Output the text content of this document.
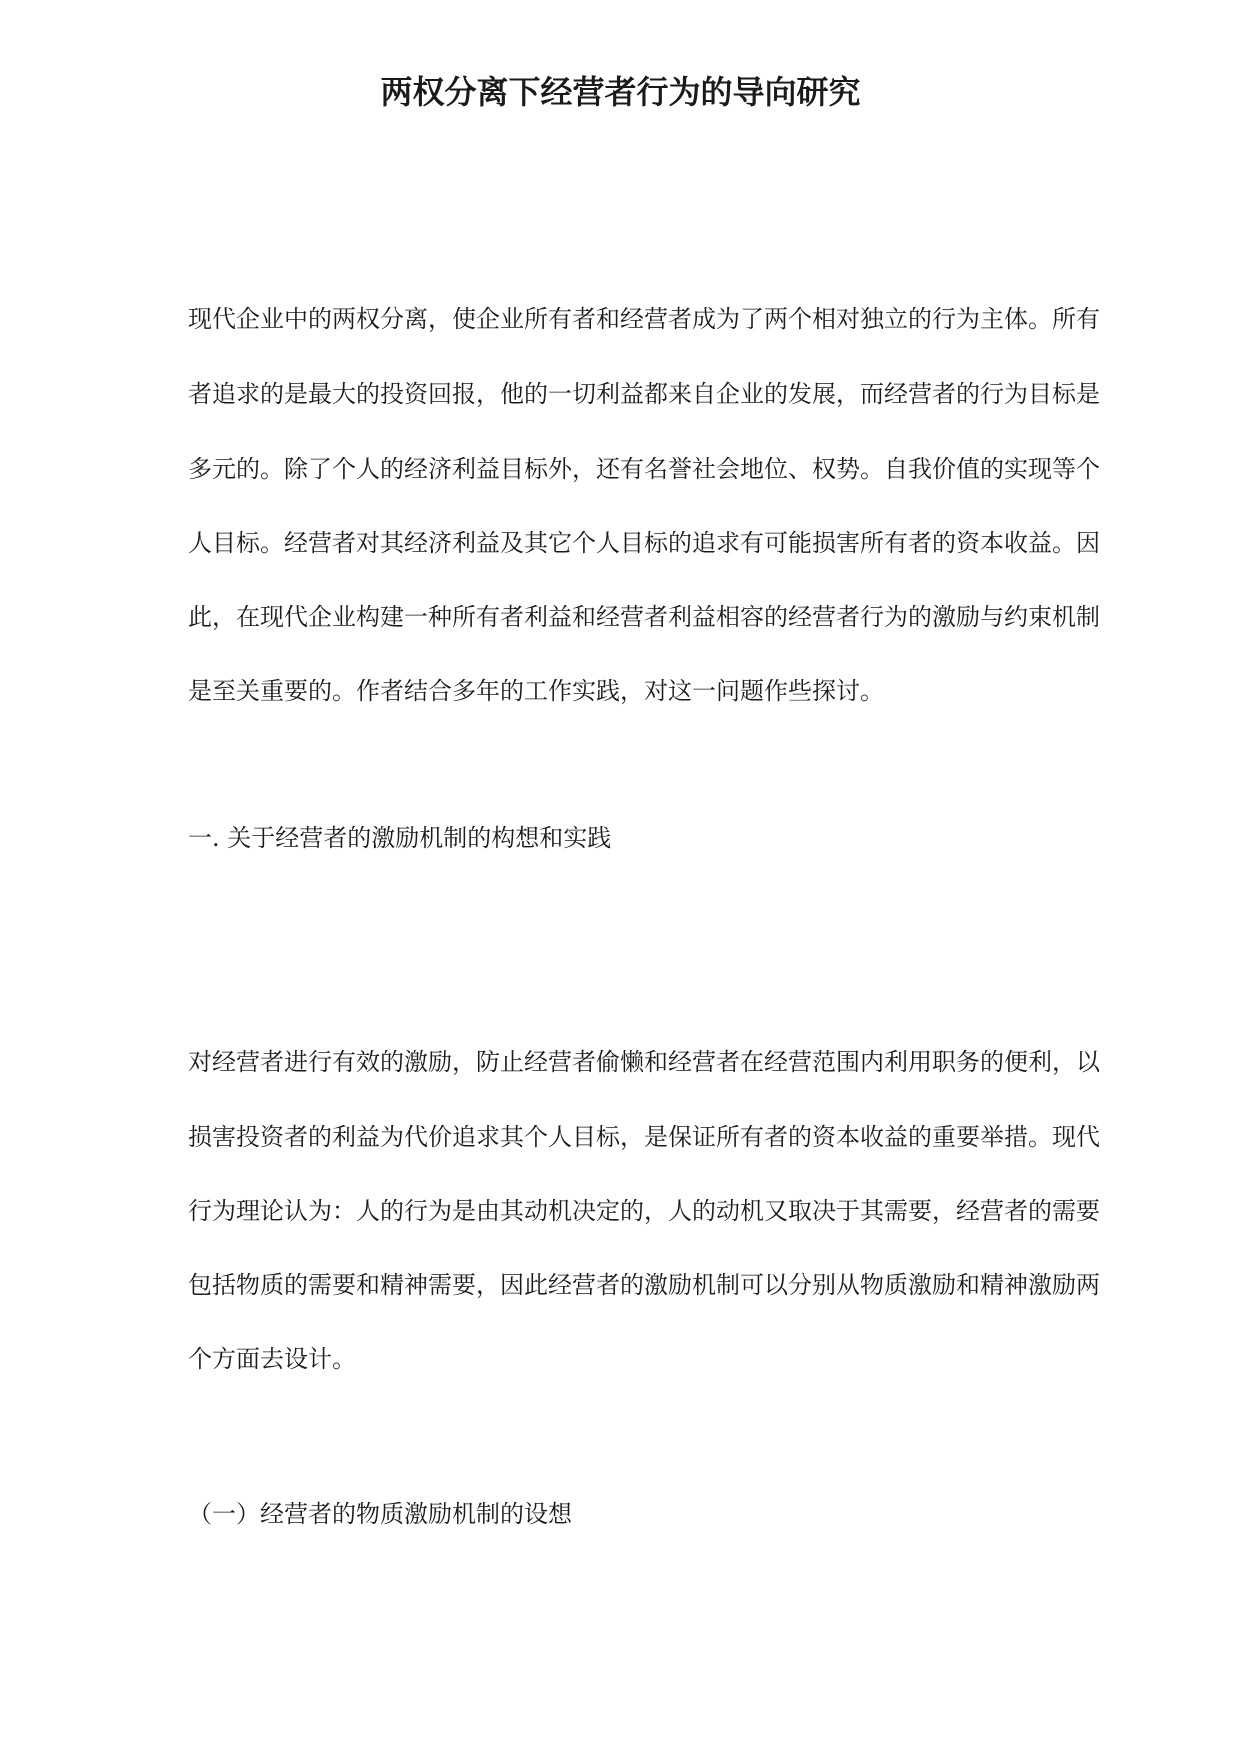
两权分离下经营者行为的导向研究
现代企业中的两权分离，使企业所有者和经营者成为了两个相对独立的行为主体。所有
者追求的是最大的投资回报，他的一切利益都来自企业的发展，而经营者的行为目标是
多元的。除了个人的经济利益目标外，还有名誉社会地位、权势。自我价值的实现等个
人目标。经营者对其经济利益及其它个人目标的追求有可能损害所有者的资本收益。因
此，在现代企业构建一种所有者利益和经营者利益相容的经营者行为的激励与约束机制
是至关重要的。作者结合多年的工作实践，对这一问题作些探讨。
一. 关于经营者的激励机制的构想和实践
对经营者进行有效的激励，防止经营者偷懒和经营者在经营范围内利用职务的便利，以
损害投资者的利益为代价追求其个人目标，是保证所有者的资本收益的重要举措。现代
行为理论认为：人的行为是由其动机决定的，人的动机又取决于其需要，经营者的需要
包括物质的需要和精神需要，因此经营者的激励机制可以分别从物质激励和精神激励两
个方面去设计。
（一）经营者的物质激励机制的设想
